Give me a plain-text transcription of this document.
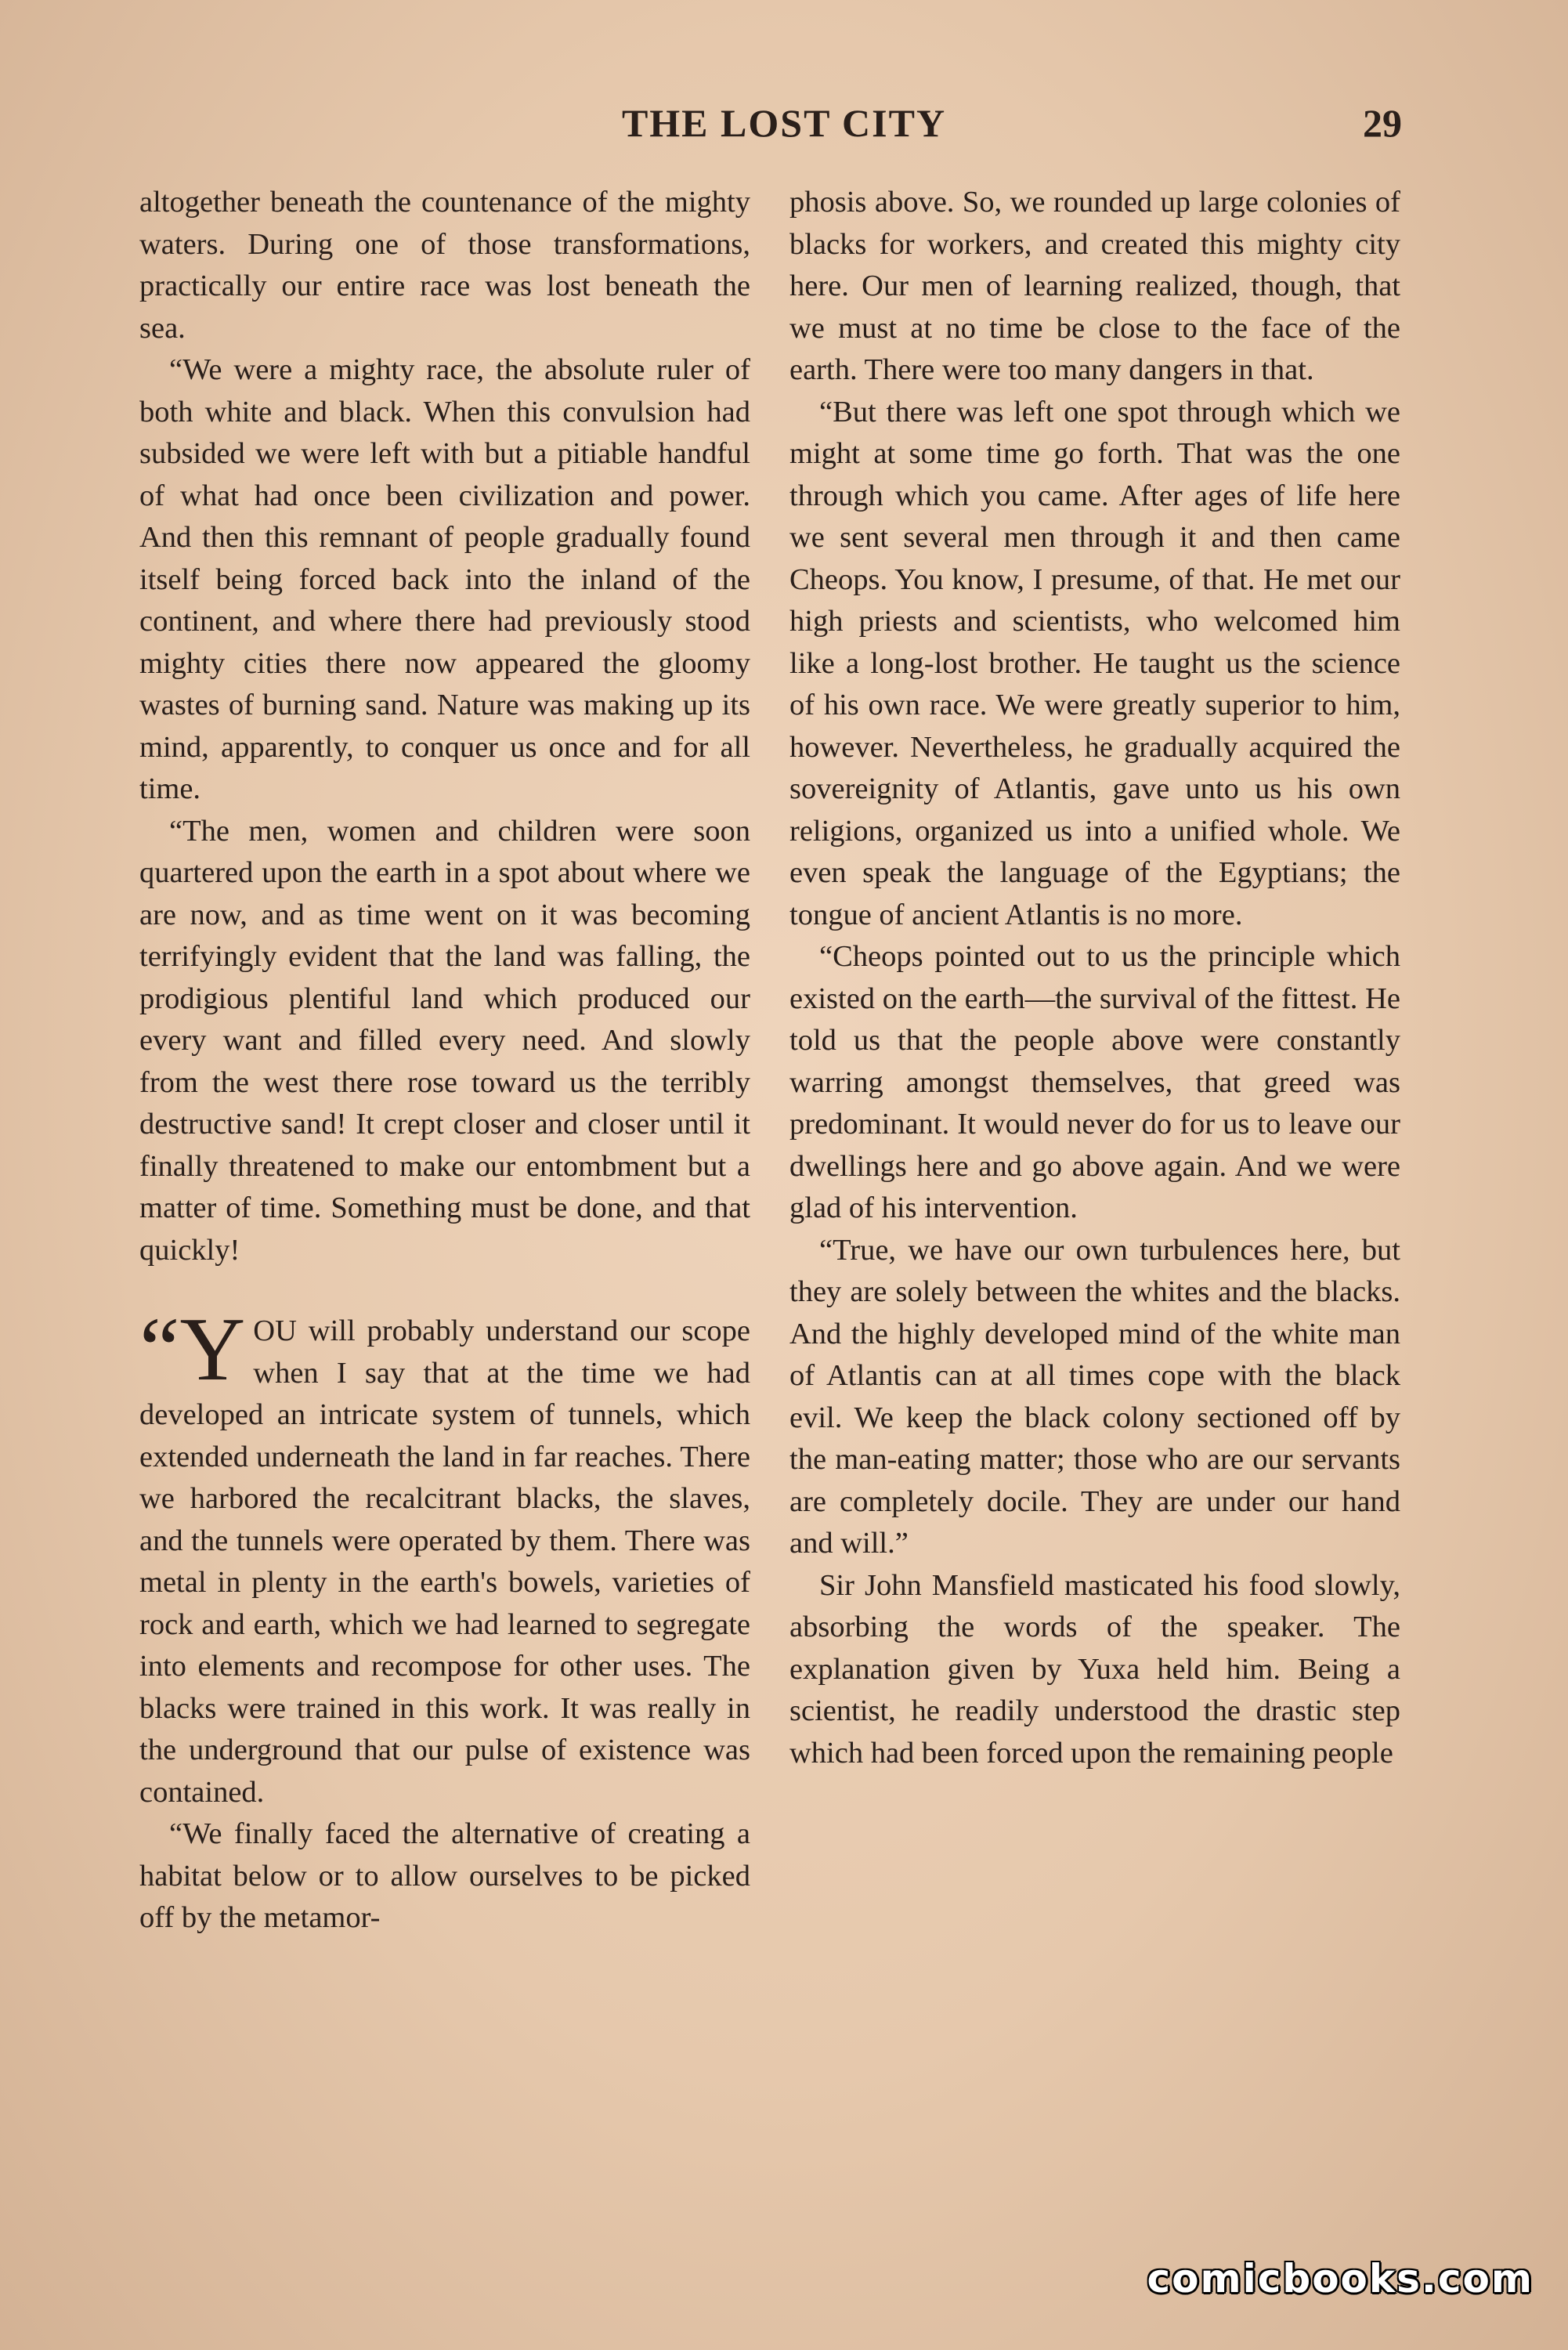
THE LOST CITY	29

altogether beneath the countenance of the mighty waters. During one of those transformations, practically our entire race was lost beneath the sea.

“We were a mighty race, the absolute ruler of both white and black. When this convulsion had subsided we were left with but a pitiable handful of what had once been civilization and power. And then this remnant of people gradually found itself being forced back into the inland of the continent, and where there had previously stood mighty cities there now appeared the gloomy wastes of burning sand. Nature was making up its mind, apparently, to conquer us once and for all time.

“The men, women and children were soon quartered upon the earth in a spot about where we are now, and as time went on it was becoming terrifyingly evident that the land was falling, the prodigious plentiful land which produced our every want and filled every need. And slowly from the west there rose toward us the terribly destructive sand! It crept closer and closer until it finally threatened to make our entombment but a matter of time. Something must be done, and that quickly!

“YOU will probably understand our scope when I say that at the time we had developed an intricate system of tunnels, which extended underneath the land in far reaches. There we harbored the recalcitrant blacks, the slaves, and the tunnels were operated by them. There was metal in plenty in the earth's bowels, varieties of rock and earth, which we had learned to segregate into elements and recompose for other uses. The blacks were trained in this work. It was really in the underground that our pulse of existence was contained.

“We finally faced the alternative of creating a habitat below or to allow ourselves to be picked off by the metamor-

phosis above. So, we rounded up large colonies of blacks for workers, and created this mighty city here. Our men of learning realized, though, that we must at no time be close to the face of the earth. There were too many dangers in that.

“But there was left one spot through which we might at some time go forth. That was the one through which you came. After ages of life here we sent several men through it and then came Cheops. You know, I presume, of that. He met our high priests and scientists, who welcomed him like a long-lost brother. He taught us the science of his own race. We were greatly superior to him, however. Nevertheless, he gradually acquired the sovereignity of Atlantis, gave unto us his own religions, organized us into a unified whole. We even speak the language of the Egyptians; the tongue of ancient Atlantis is no more.

“Cheops pointed out to us the principle which existed on the earth—the survival of the fittest. He told us that the people above were constantly warring amongst themselves, that greed was predominant. It would never do for us to leave our dwellings here and go above again. And we were glad of his intervention.

“True, we have our own turbulences here, but they are solely between the whites and the blacks. And the highly developed mind of the white man of Atlantis can at all times cope with the black evil. We keep the black colony sectioned off by the man-eating matter; those who are our servants are completely docile. They are under our hand and will.”

Sir John Mansfield masticated his food slowly, absorbing the words of the speaker. The explanation given by Yuxa held him. Being a scientist, he readily understood the drastic step which had been forced upon the remaining people

comicbooks.com
